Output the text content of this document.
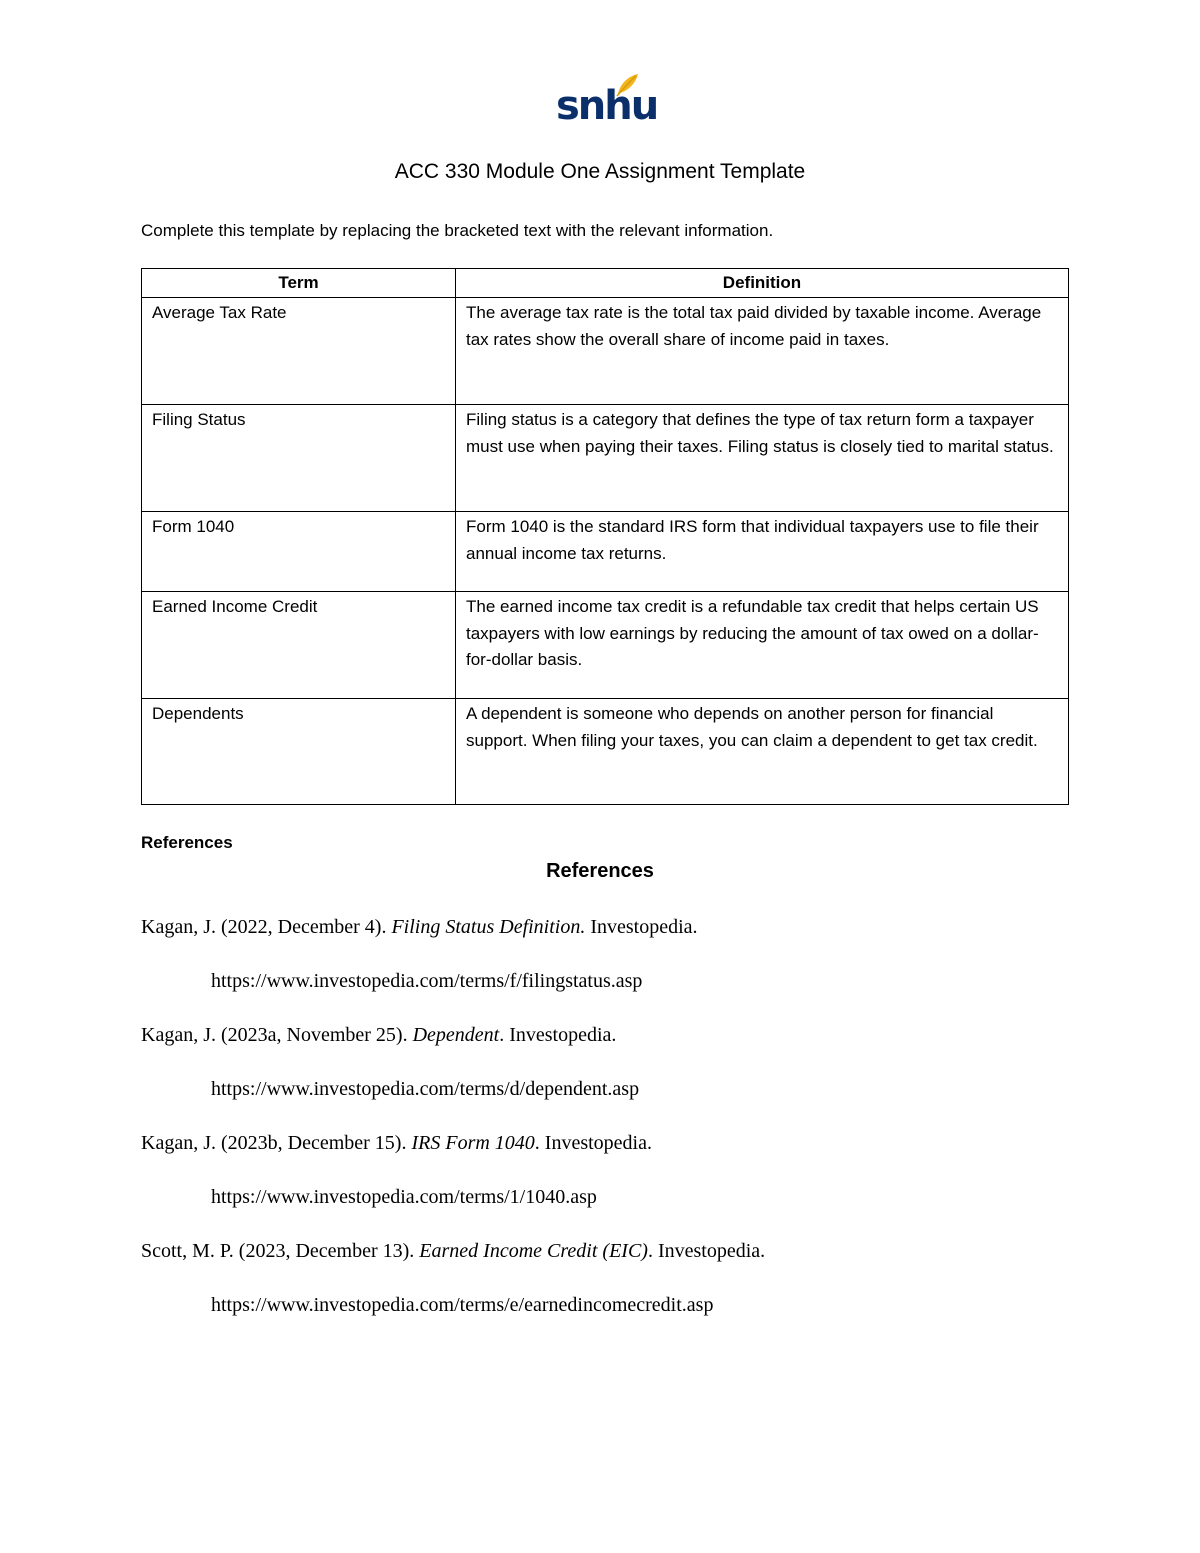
snhu
ACC 330 Module One Assignment Template
Complete this template by replacing the bracketed text with the relevant information.
Term	Definition
Average Tax Rate	The average tax rate is the total tax paid divided by taxable income. Average tax rates show the overall share of income paid in taxes.
Filing Status	Filing status is a category that defines the type of tax return form a taxpayer must use when paying their taxes. Filing status is closely tied to marital status.
Form 1040	Form 1040 is the standard IRS form that individual taxpayers use to file their annual income tax returns.
Earned Income Credit	The earned income tax credit is a refundable tax credit that helps certain US taxpayers with low earnings by reducing the amount of tax owed on a dollar-for-dollar basis.
Dependents	A dependent is someone who depends on another person for financial support. When filing your taxes, you can claim a dependent to get tax credit.
References
References
Kagan, J. (2022, December 4). Filing Status Definition. Investopedia.
https://www.investopedia.com/terms/f/filingstatus.asp
Kagan, J. (2023a, November 25). Dependent. Investopedia.
https://www.investopedia.com/terms/d/dependent.asp
Kagan, J. (2023b, December 15). IRS Form 1040. Investopedia.
https://www.investopedia.com/terms/1/1040.asp
Scott, M. P. (2023, December 13). Earned Income Credit (EIC). Investopedia.
https://www.investopedia.com/terms/e/earnedincomecredit.asp
